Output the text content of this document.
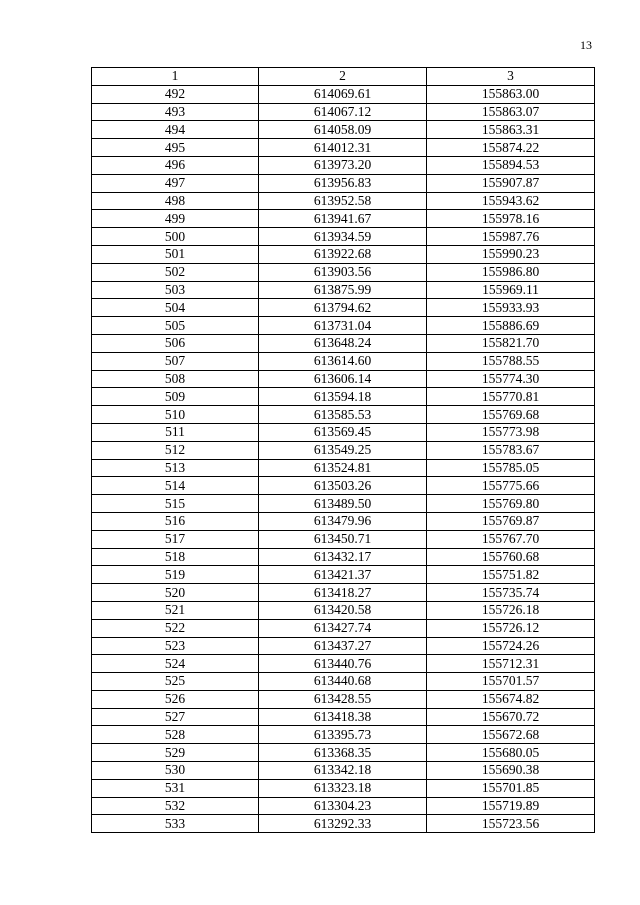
13
1	2	3
492	614069.61	155863.00
493	614067.12	155863.07
494	614058.09	155863.31
495	614012.31	155874.22
496	613973.20	155894.53
497	613956.83	155907.87
498	613952.58	155943.62
499	613941.67	155978.16
500	613934.59	155987.76
501	613922.68	155990.23
502	613903.56	155986.80
503	613875.99	155969.11
504	613794.62	155933.93
505	613731.04	155886.69
506	613648.24	155821.70
507	613614.60	155788.55
508	613606.14	155774.30
509	613594.18	155770.81
510	613585.53	155769.68
511	613569.45	155773.98
512	613549.25	155783.67
513	613524.81	155785.05
514	613503.26	155775.66
515	613489.50	155769.80
516	613479.96	155769.87
517	613450.71	155767.70
518	613432.17	155760.68
519	613421.37	155751.82
520	613418.27	155735.74
521	613420.58	155726.18
522	613427.74	155726.12
523	613437.27	155724.26
524	613440.76	155712.31
525	613440.68	155701.57
526	613428.55	155674.82
527	613418.38	155670.72
528	613395.73	155672.68
529	613368.35	155680.05
530	613342.18	155690.38
531	613323.18	155701.85
532	613304.23	155719.89
533	613292.33	155723.56
